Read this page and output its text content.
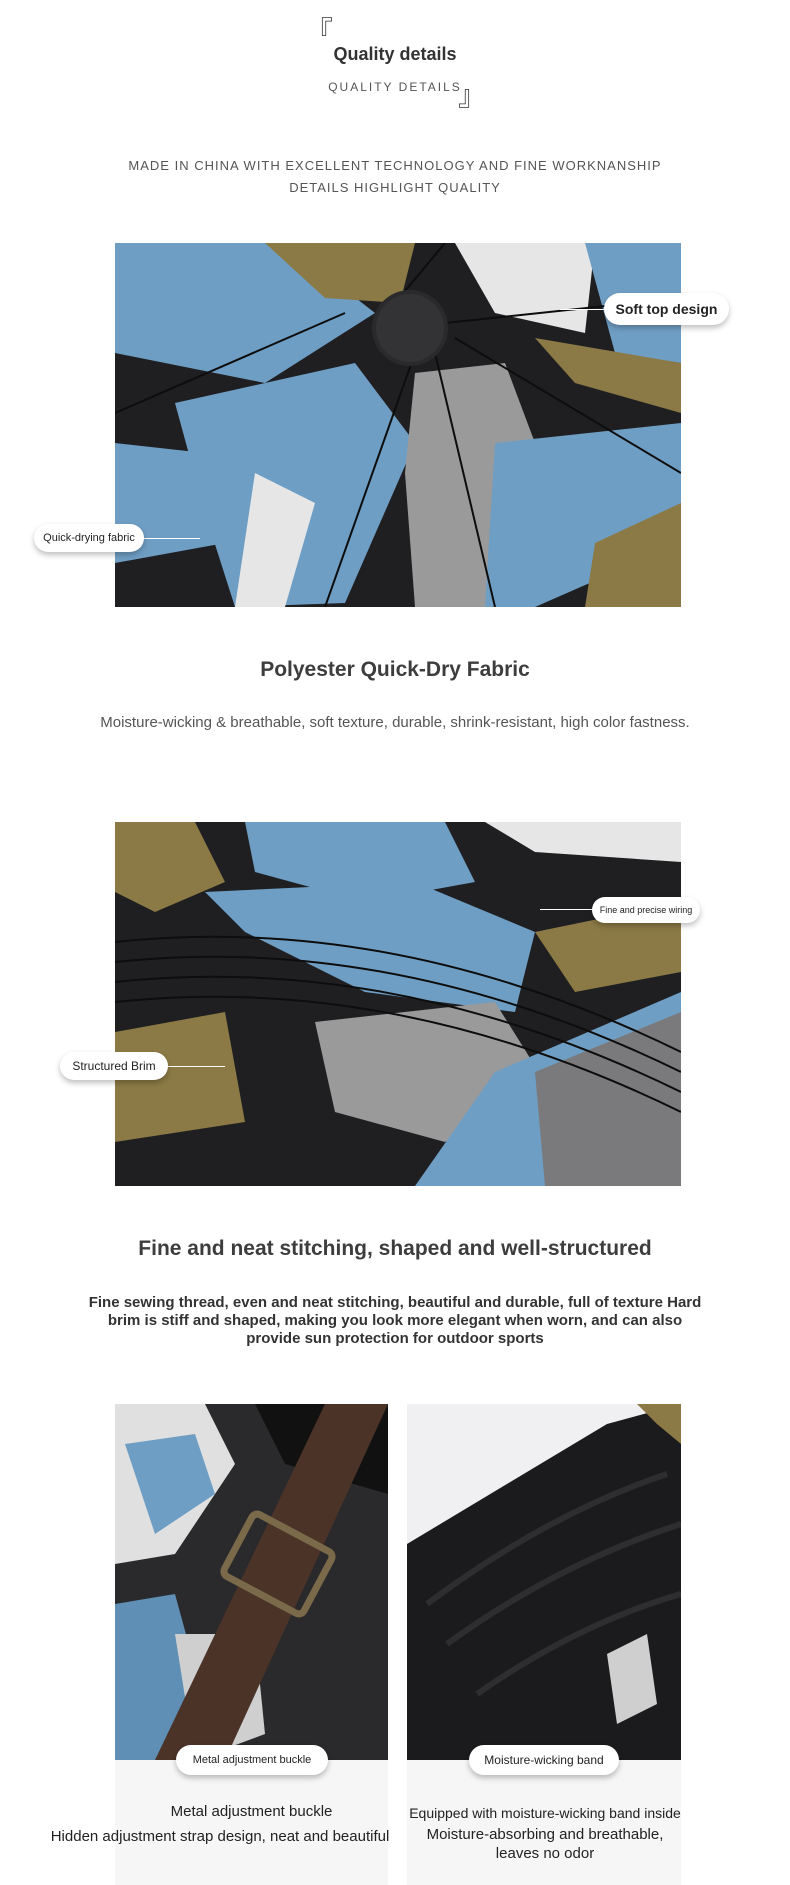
『
Quality details
QUALITY DETAILS
』
MADE IN CHINA WITH EXCELLENT TECHNOLOGY AND FINE WORKNANSHIP
DETAILS HIGHLIGHT QUALITY
Soft top design
Quick-drying fabric
Polyester Quick-Dry Fabric
Moisture-wicking & breathable, soft texture, durable, shrink-resistant, high color fastness.
Fine and precise wiring
Structured Brim
Fine and neat stitching, shaped and well-structured
Fine sewing thread, even and neat stitching, beautiful and durable, full of texture Hard brim is stiff and shaped, making you look more elegant when worn, and can also provide sun protection for outdoor sports
Metal adjustment buckle
Metal adjustment buckle
Hidden adjustment strap design, neat and beautiful
Moisture-wicking band
Equipped with moisture-wicking band inside
Moisture-absorbing and breathable, leaves no odor
